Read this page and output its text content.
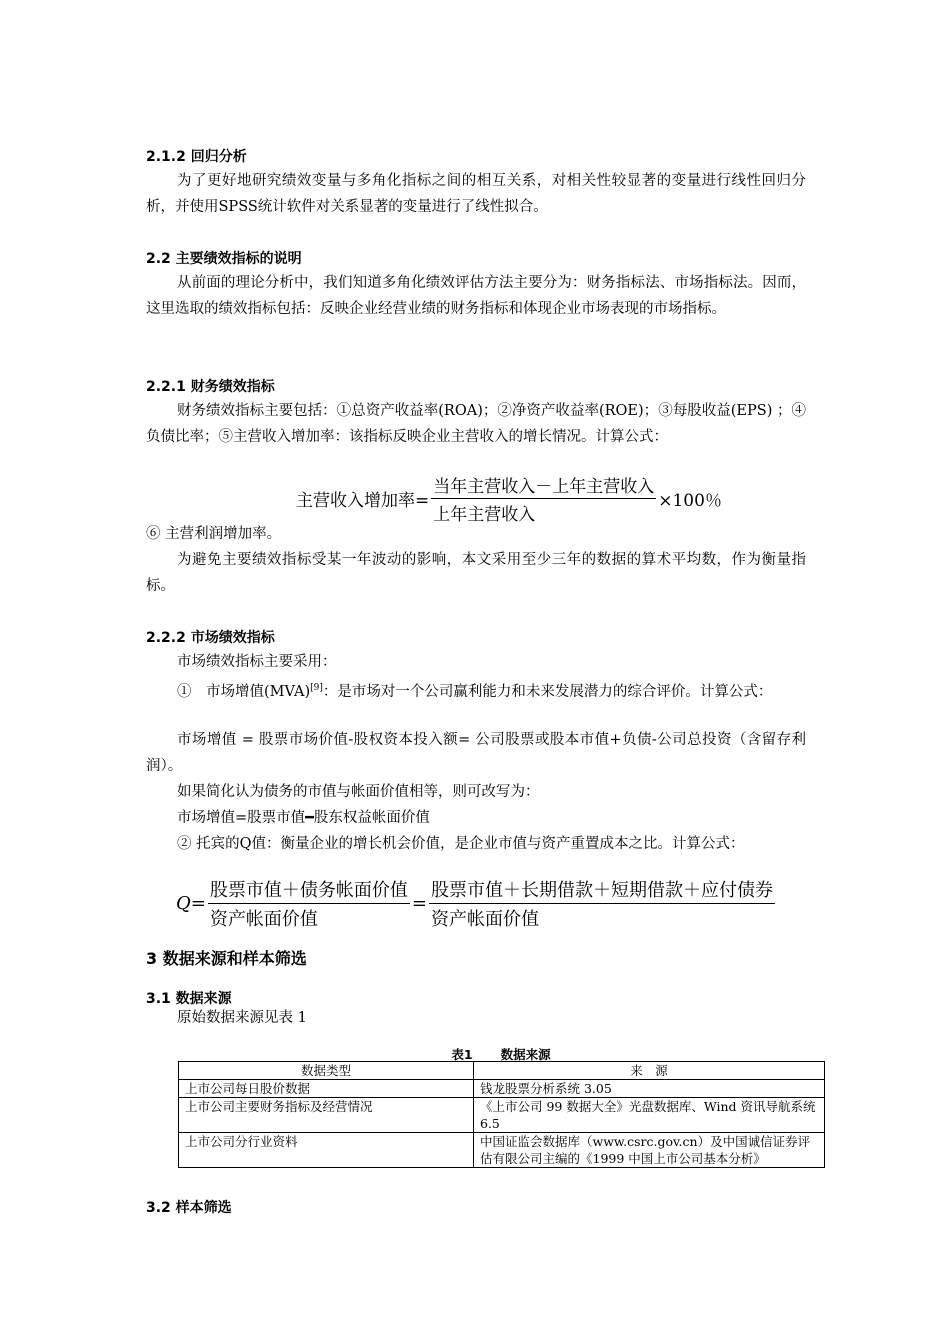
2.1.2 回归分析
为了更好地研究绩效变量与多角化指标之间的相互关系，对相关性较显著的变量进行线性回归分析，并使用SPSS统计软件对关系显著的变量进行了线性拟合。
2.2 主要绩效指标的说明
从前面的理论分析中，我们知道多角化绩效评估方法主要分为：财务指标法、市场指标法。因而，这里选取的绩效指标包括：反映企业经营业绩的财务指标和体现企业市场表现的市场指标。
2.2.1 财务绩效指标
财务绩效指标主要包括：①总资产收益率(ROA)；②净资产收益率(ROE)；③每股收益(EPS) ；④负债比率；⑤主营收入增加率：该指标反映企业主营收入的增长情况。计算公式：
主营收入增加率= $\frac{\text{当年主营收入－上年主营收入}}{\text{上年主营收入}} \times 100$％
⑥ 主营利润增加率。
为避免主要绩效指标受某一年波动的影响，本文采用至少三年的数据的算术平均数，作为衡量指标。
2.2.2 市场绩效指标
市场绩效指标主要采用：
①　市场增值(MVA)[9]：是市场对一个公司赢利能力和未来发展潜力的综合评价。计算公式：
市场增值 = 股票市场价值-股权资本投入额= 公司股票或股本市值+负债-公司总投资（含留存利润）。
如果简化认为债务的市值与帐面价值相等，则可改写为：
市场增值=股票市值━股东权益帐面价值
② 托宾的Q值：衡量企业的增长机会价值，是企业市值与资产重置成本之比。计算公式：
$Q = \frac{\text{股票市值＋债务帐面价值}}{\text{资产帐面价值}} = \frac{\text{股票市值＋长期借款＋短期借款＋应付债券}}{\text{资产帐面价值}}$
3 数据来源和样本筛选
3.1 数据来源
原始数据来源见表 1
表1 数据来源
数据类型	来　源
上市公司每日股价数据	钱龙股票分析系统 3.05
上市公司主要财务指标及经营情况	《上市公司 99 数据大全》光盘数据库、Wind 资讯导航系统 6.5
上市公司分行业资料	中国证监会数据库（www.csrc.gov.cn）及中国诚信证券评估有限公司主编的《1999 中国上市公司基本分析》
3.2 样本筛选
